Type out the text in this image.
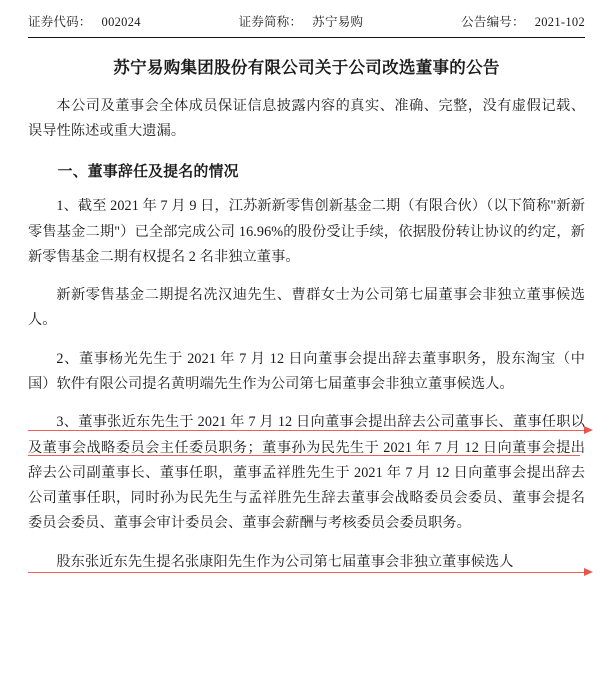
证券代码： 002024	证券简称： 苏宁易购	公告编号： 2021-102
苏宁易购集团股份有限公司关于公司改选董事的公告

本公司及董事会全体成员保证信息披露内容的真实、准确、完整，没有虚假记载、误导性陈述或重大遗漏。

一、董事辞任及提名的情况

1、截至 2021 年 7 月 9 日，江苏新新零售创新基金二期（有限合伙）（以下简称"新新零售基金二期"）已全部完成公司 16.96%的股份受让手续，依据股份转让协议的约定，新新零售基金二期有权提名 2 名非独立董事。

新新零售基金二期提名冼汉迪先生、曹群女士为公司第七届董事会非独立董事候选人。

2、董事杨光先生于 2021 年 7 月 12 日向董事会提出辞去董事职务，股东淘宝（中国）软件有限公司提名黄明端先生作为公司第七届董事会非独立董事候选人。

3、董事张近东先生于 2021 年 7 月 12 日向董事会提出辞去公司董事长、董事任职以及董事会战略委员会主任委员职务；董事孙为民先生于 2021 年 7 月 12 日向董事会提出辞去公司副董事长、董事任职，董事孟祥胜先生于 2021 年 7 月 12 日向董事会提出辞去公司董事任职，同时孙为民先生与孟祥胜先生辞去董事会战略委员会委员、董事会提名委员会委员、董事会审计委员会、董事会薪酬与考核委员会委员职务。

股东张近东先生提名张康阳先生作为公司第七届董事会非独立董事候选人
